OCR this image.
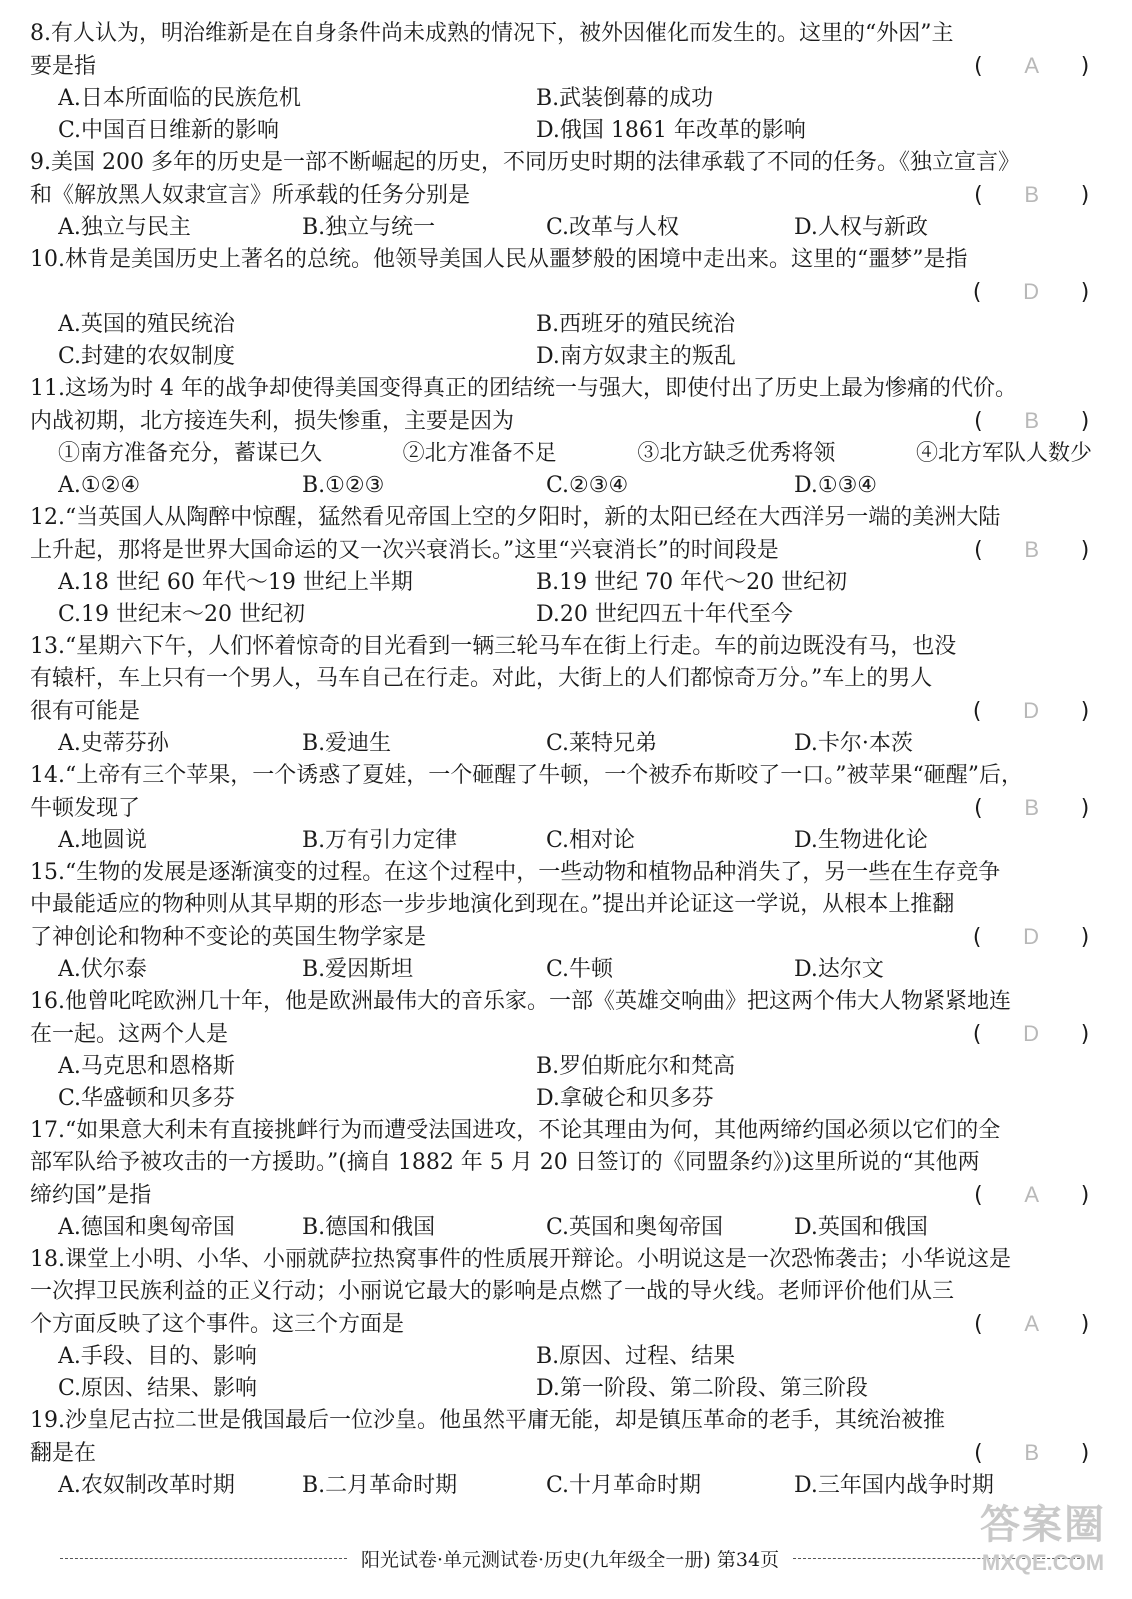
8.有人认为，明治维新是在自身条件尚未成熟的情况下，被外因催化而发生的。这里的“外因”主
要是指	(   A   )
A.日本所面临的民族危机	B.武装倒幕的成功
C.中国百日维新的影响	D.俄国 1861 年改革的影响
9.美国 200 多年的历史是一部不断崛起的历史，不同历史时期的法律承载了不同的任务。《独立宣言》
和《解放黑人奴隶宣言》所承载的任务分别是	(   B   )
A.独立与民主	B.独立与统一	C.改革与人权	D.人权与新政
10.林肯是美国历史上著名的总统。他领导美国人民从噩梦般的困境中走出来。这里的“噩梦”是指
(   D   )
A.英国的殖民统治	B.西班牙的殖民统治
C.封建的农奴制度	D.南方奴隶主的叛乱
11.这场为时 4 年的战争却使得美国变得真正的团结统一与强大，即使付出了历史上最为惨痛的代价。
内战初期，北方接连失利，损失惨重，主要是因为	(   B   )
①南方准备充分，蓄谋已久	②北方准备不足	③北方缺乏优秀将领	④北方军队人数少
A.①②④	B.①②③	C.②③④	D.①③④
12.“当英国人从陶醉中惊醒，猛然看见帝国上空的夕阳时，新的太阳已经在大西洋另一端的美洲大陆
上升起，那将是世界大国命运的又一次兴衰消长。”这里“兴衰消长”的时间段是	(   B   )
A.18 世纪 60 年代～19 世纪上半期	B.19 世纪 70 年代～20 世纪初
C.19 世纪末～20 世纪初	D.20 世纪四五十年代至今
13.“星期六下午，人们怀着惊奇的目光看到一辆三轮马车在街上行走。车的前边既没有马，也没
有辕杆，车上只有一个男人，马车自己在行走。对此，大街上的人们都惊奇万分。”车上的男人
很有可能是	(   D   )
A.史蒂芬孙	B.爱迪生	C.莱特兄弟	D.卡尔·本茨
14.“上帝有三个苹果，一个诱惑了夏娃，一个砸醒了牛顿，一个被乔布斯咬了一口。”被苹果“砸醒”后，
牛顿发现了	(   B   )
A.地圆说	B.万有引力定律	C.相对论	D.生物进化论
15.“生物的发展是逐渐演变的过程。在这个过程中，一些动物和植物品种消失了，另一些在生存竞争
中最能适应的物种则从其早期的形态一步步地演化到现在。”提出并论证这一学说，从根本上推翻
了神创论和物种不变论的英国生物学家是	(   D   )
A.伏尔泰	B.爱因斯坦	C.牛顿	D.达尔文
16.他曾叱咤欧洲几十年，他是欧洲最伟大的音乐家。一部《英雄交响曲》把这两个伟大人物紧紧地连
在一起。这两个人是	(   D   )
A.马克思和恩格斯	B.罗伯斯庇尔和梵高
C.华盛顿和贝多芬	D.拿破仑和贝多芬
17.“如果意大利未有直接挑衅行为而遭受法国进攻，不论其理由为何，其他两缔约国必须以它们的全
部军队给予被攻击的一方援助。”(摘自 1882 年 5 月 20 日签订的《同盟条约》)这里所说的“其他两
缔约国”是指	(   A   )
A.德国和奥匈帝国	B.德国和俄国	C.英国和奥匈帝国	D.英国和俄国
18.课堂上小明、小华、小丽就萨拉热窝事件的性质展开辩论。小明说这是一次恐怖袭击；小华说这是
一次捍卫民族利益的正义行动；小丽说它最大的影响是点燃了一战的导火线。老师评价他们从三
个方面反映了这个事件。这三个方面是	(   A   )
A.手段、目的、影响	B.原因、过程、结果
C.原因、结果、影响	D.第一阶段、第二阶段、第三阶段
19.沙皇尼古拉二世是俄国最后一位沙皇。他虽然平庸无能，却是镇压革命的老手，其统治被推
翻是在	(   B   )
A.农奴制改革时期	B.二月革命时期	C.十月革命时期	D.三年国内战争时期
阳光试卷·单元测试卷·历史(九年级全一册) 第34页
答案圈
MXQE.COM
